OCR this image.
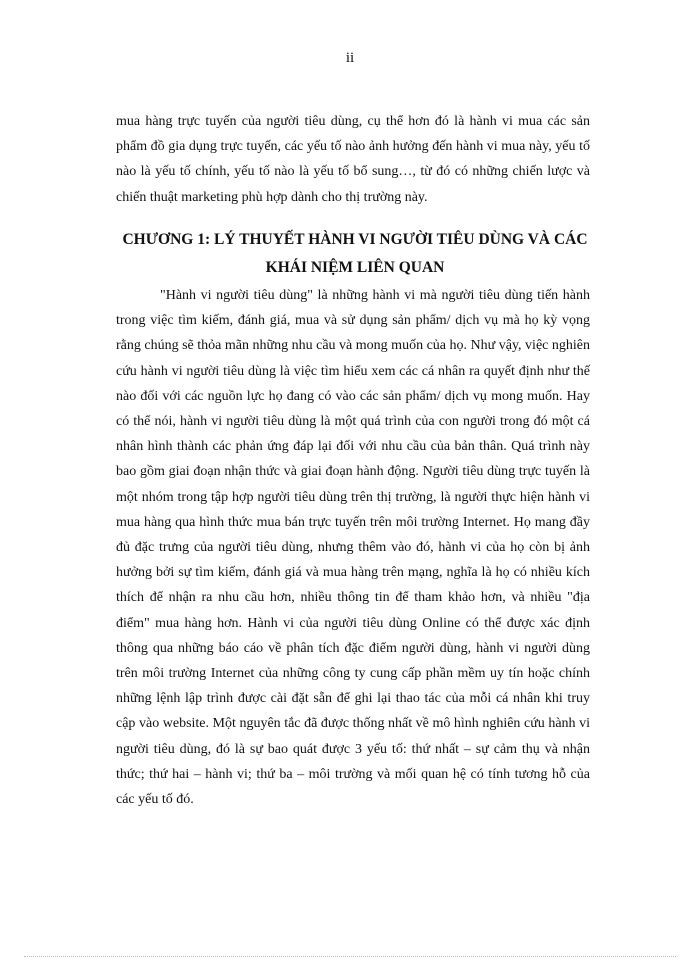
ii

mua hàng trực tuyến của người tiêu dùng, cụ thể hơn đó là hành vi mua các sản phẩm đồ gia dụng trực tuyến, các yếu tố nào ảnh hưởng đến hành vi mua này, yếu tố nào là yếu tố chính, yếu tố nào là yếu tố bổ sung…, từ đó có những chiến lược và chiến thuật marketing phù hợp dành cho thị trường này.

CHƯƠNG 1: LÝ THUYẾT HÀNH VI NGƯỜI TIÊU DÙNG VÀ CÁC
KHÁI NIỆM LIÊN QUAN

"Hành vi người tiêu dùng" là những hành vi mà người tiêu dùng tiến hành trong việc tìm kiếm, đánh giá, mua và sử dụng sản phẩm/ dịch vụ mà họ kỳ vọng rằng chúng sẽ thỏa mãn những nhu cầu và mong muốn của họ. Như vậy, việc nghiên cứu hành vi người tiêu dùng là việc tìm hiểu xem các cá nhân ra quyết định như thế nào đối với các nguồn lực họ đang có vào các sản phẩm/ dịch vụ mong muốn. Hay có thể nói, hành vi người tiêu dùng là một quá trình của con người trong đó một cá nhân hình thành các phản ứng đáp lại đối với nhu cầu của bản thân. Quá trình này bao gồm giai đoạn nhận thức và giai đoạn hành động. Người tiêu dùng trực tuyến là một nhóm trong tập hợp người tiêu dùng trên thị trường, là người thực hiện hành vi mua hàng qua hình thức mua bán trực tuyến trên môi trường Internet. Họ mang đầy đủ đặc trưng của người tiêu dùng, nhưng thêm vào đó, hành vi của họ còn bị ảnh hưởng bởi sự tìm kiếm, đánh giá và mua hàng trên mạng, nghĩa là họ có nhiều kích thích để nhận ra nhu cầu hơn, nhiều thông tin để tham khảo hơn, và nhiều "địa điểm" mua hàng hơn. Hành vi của người tiêu dùng Online có thể được xác định thông qua những báo cáo về phân tích đặc điểm người dùng, hành vi người dùng trên môi trường Internet của những công ty cung cấp phần mềm uy tín hoặc chính những lệnh lập trình được cài đặt sẵn để ghi lại thao tác của mỗi cá nhân khi truy cập vào website. Một nguyên tắc đã được thống nhất về mô hình nghiên cứu hành vi người tiêu dùng, đó là sự bao quát được 3 yếu tố: thứ nhất – sự cảm thụ và nhận thức; thứ hai – hành vi; thứ ba – môi trường và mối quan hệ có tính tương hỗ của các yếu tố đó.
